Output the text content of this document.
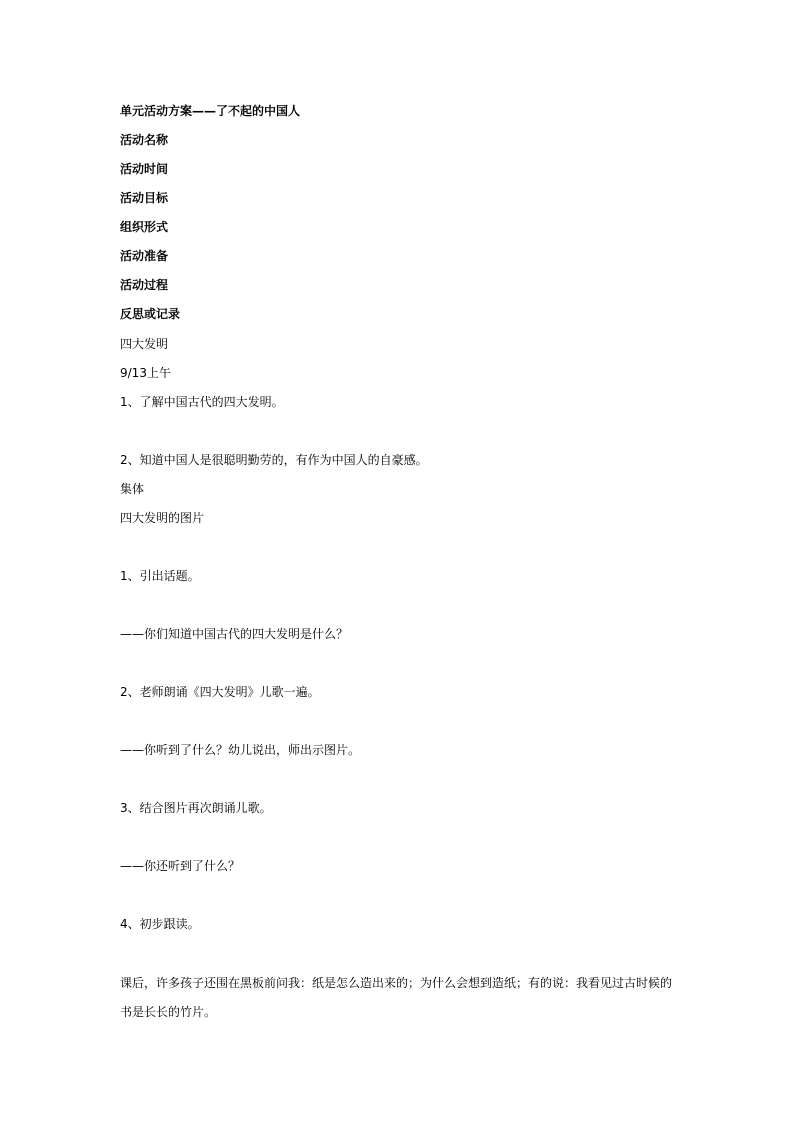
单元活动方案——了不起的中国人
活动名称
活动时间
活动目标
组织形式
活动准备
活动过程
反思或记录
四大发明
9/13上午
1、了解中国古代的四大发明。
2、知道中国人是很聪明勤劳的，有作为中国人的自豪感。
集体
四大发明的图片
1、引出话题。
——你们知道中国古代的四大发明是什么？
2、老师朗诵《四大发明》儿歌一遍。
——你听到了什么？幼儿说出，师出示图片。
3、结合图片再次朗诵儿歌。
——你还听到了什么？
4、初步跟读。
课后，许多孩子还围在黑板前问我：纸是怎么造出来的；为什么会想到造纸；有的说：我看见过古时候的书是长长的竹片。
